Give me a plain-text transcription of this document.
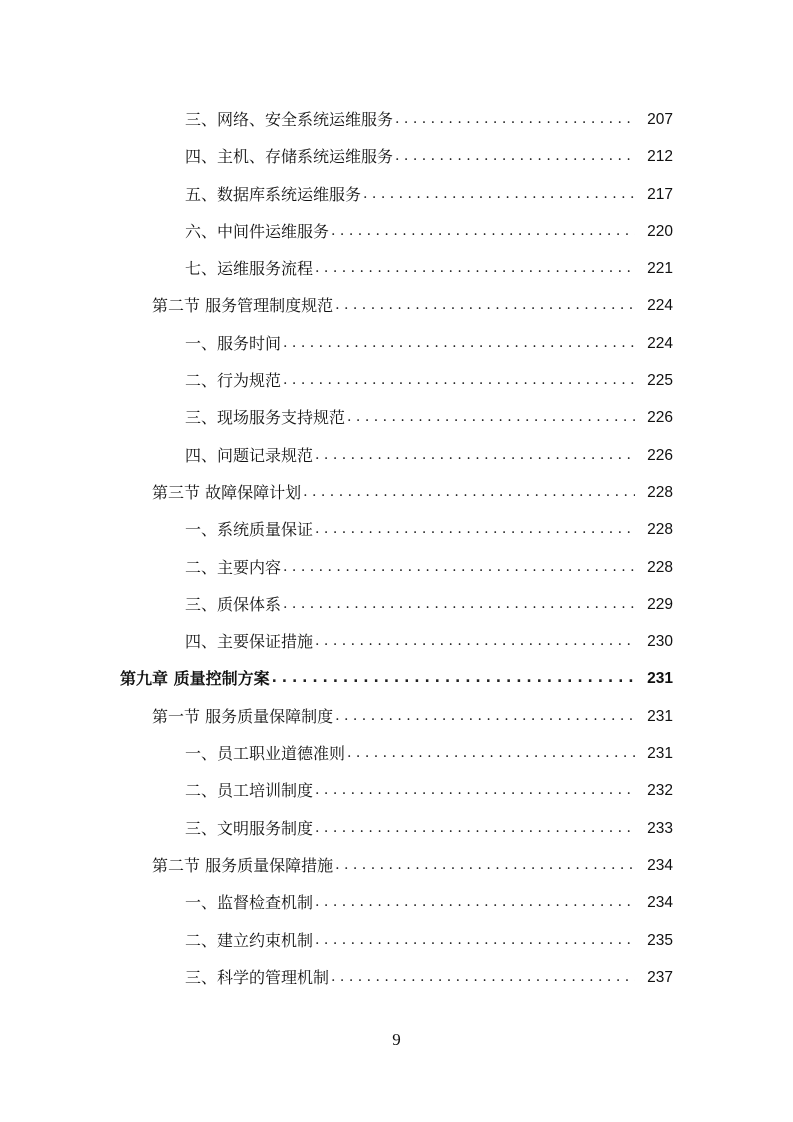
三、网络、安全系统运维服务 . . .	207
四、主机、存储系统运维服务 . . .	212
五、数据库系统运维服务 . . .	217
六、中间件运维服务 . . .	220
七、运维服务流程 . . .	221
第二节 服务管理制度规范 . . .	224
一、服务时间 . . .	224
二、行为规范 . . .	225
三、现场服务支持规范 . . .	226
四、问题记录规范 . . .	226
第三节 故障保障计划 . . .	228
一、系统质量保证 . . .	228
二、主要内容 . . .	228
三、质保体系 . . .	229
四、主要保证措施 . . .	230
第九章 质量控制方案 . . .	231
第一节 服务质量保障制度 . . .	231
一、员工职业道德准则 . . .	231
二、员工培训制度 . . .	232
三、文明服务制度 . . .	233
第二节 服务质量保障措施 . . .	234
一、监督检查机制 . . .	234
二、建立约束机制 . . .	235
三、科学的管理机制 . . .	237
9
